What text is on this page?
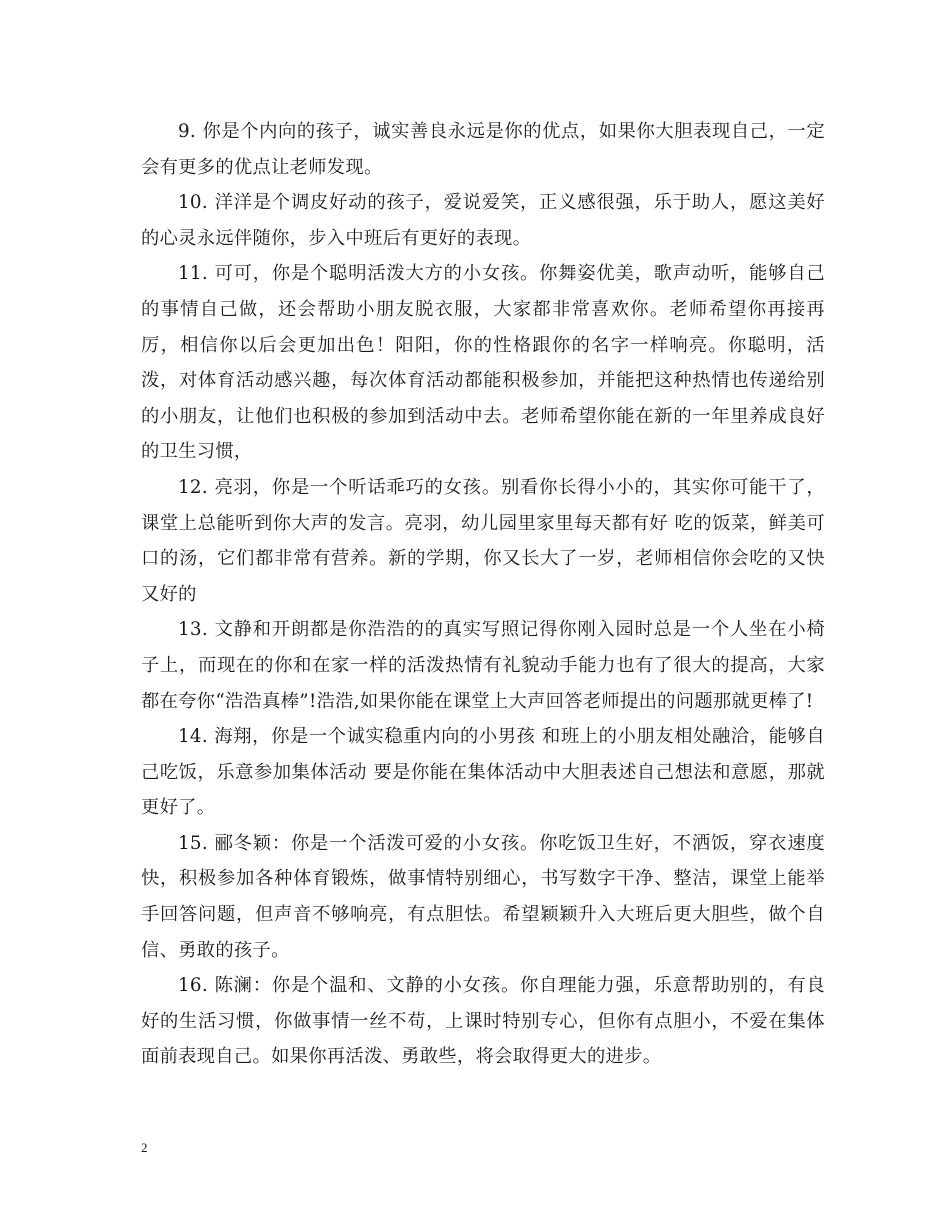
9. 你是个内向的孩子，诚实善良永远是你的优点，如果你大胆表现自己，一定会有更多的优点让老师发现。

10. 洋洋是个调皮好动的孩子，爱说爱笑，正义感很强，乐于助人，愿这美好的心灵永远伴随你，步入中班后有更好的表现。

11. 可可，你是个聪明活泼大方的小女孩。你舞姿优美，歌声动听，能够自己的事情自己做，还会帮助小朋友脱衣服，大家都非常喜欢你。老师希望你再接再厉，相信你以后会更加出色！阳阳，你的性格跟你的名字一样响亮。你聪明，活泼，对体育活动感兴趣，每次体育活动都能积极参加，并能把这种热情也传递给别的小朋友，让他们也积极的参加到活动中去。老师希望你能在新的一年里养成良好的卫生习惯，

12. 亮羽，你是一个听话乖巧的女孩。别看你长得小小的，其实你可能干了，课堂上总能听到你大声的发言。亮羽，幼儿园里家里每天都有好 吃的饭菜，鲜美可口的汤，它们都非常有营养。新的学期，你又长大了一岁，老师相信你会吃的又快又好的

13. 文静和开朗都是你浩浩的的真实写照记得你刚入园时总是一个人坐在小椅子上，而现在的你和在家一样的活泼热情有礼貌动手能力也有了很大的提高，大家都在夸你“浩浩真棒”!浩浩,如果你能在课堂上大声回答老师提出的问题那就更棒了!

14. 海翔，你是一个诚实稳重内向的小男孩 和班上的小朋友相处融洽，能够自己吃饭，乐意参加集体活动 要是你能在集体活动中大胆表述自己想法和意愿，那就更好了。

15. 郦冬颖：你是一个活泼可爱的小女孩。你吃饭卫生好，不洒饭，穿衣速度快，积极参加各种体育锻炼，做事情特别细心，书写数字干净、整洁，课堂上能举手回答问题，但声音不够响亮，有点胆怯。希望颖颖升入大班后更大胆些，做个自信、勇敢的孩子。

16. 陈澜：你是个温和、文静的小女孩。你自理能力强，乐意帮助别的，有良好的生活习惯，你做事情一丝不苟，上课时特别专心，但你有点胆小，不爱在集体面前表现自己。如果你再活泼、勇敢些，将会取得更大的进步。

2
